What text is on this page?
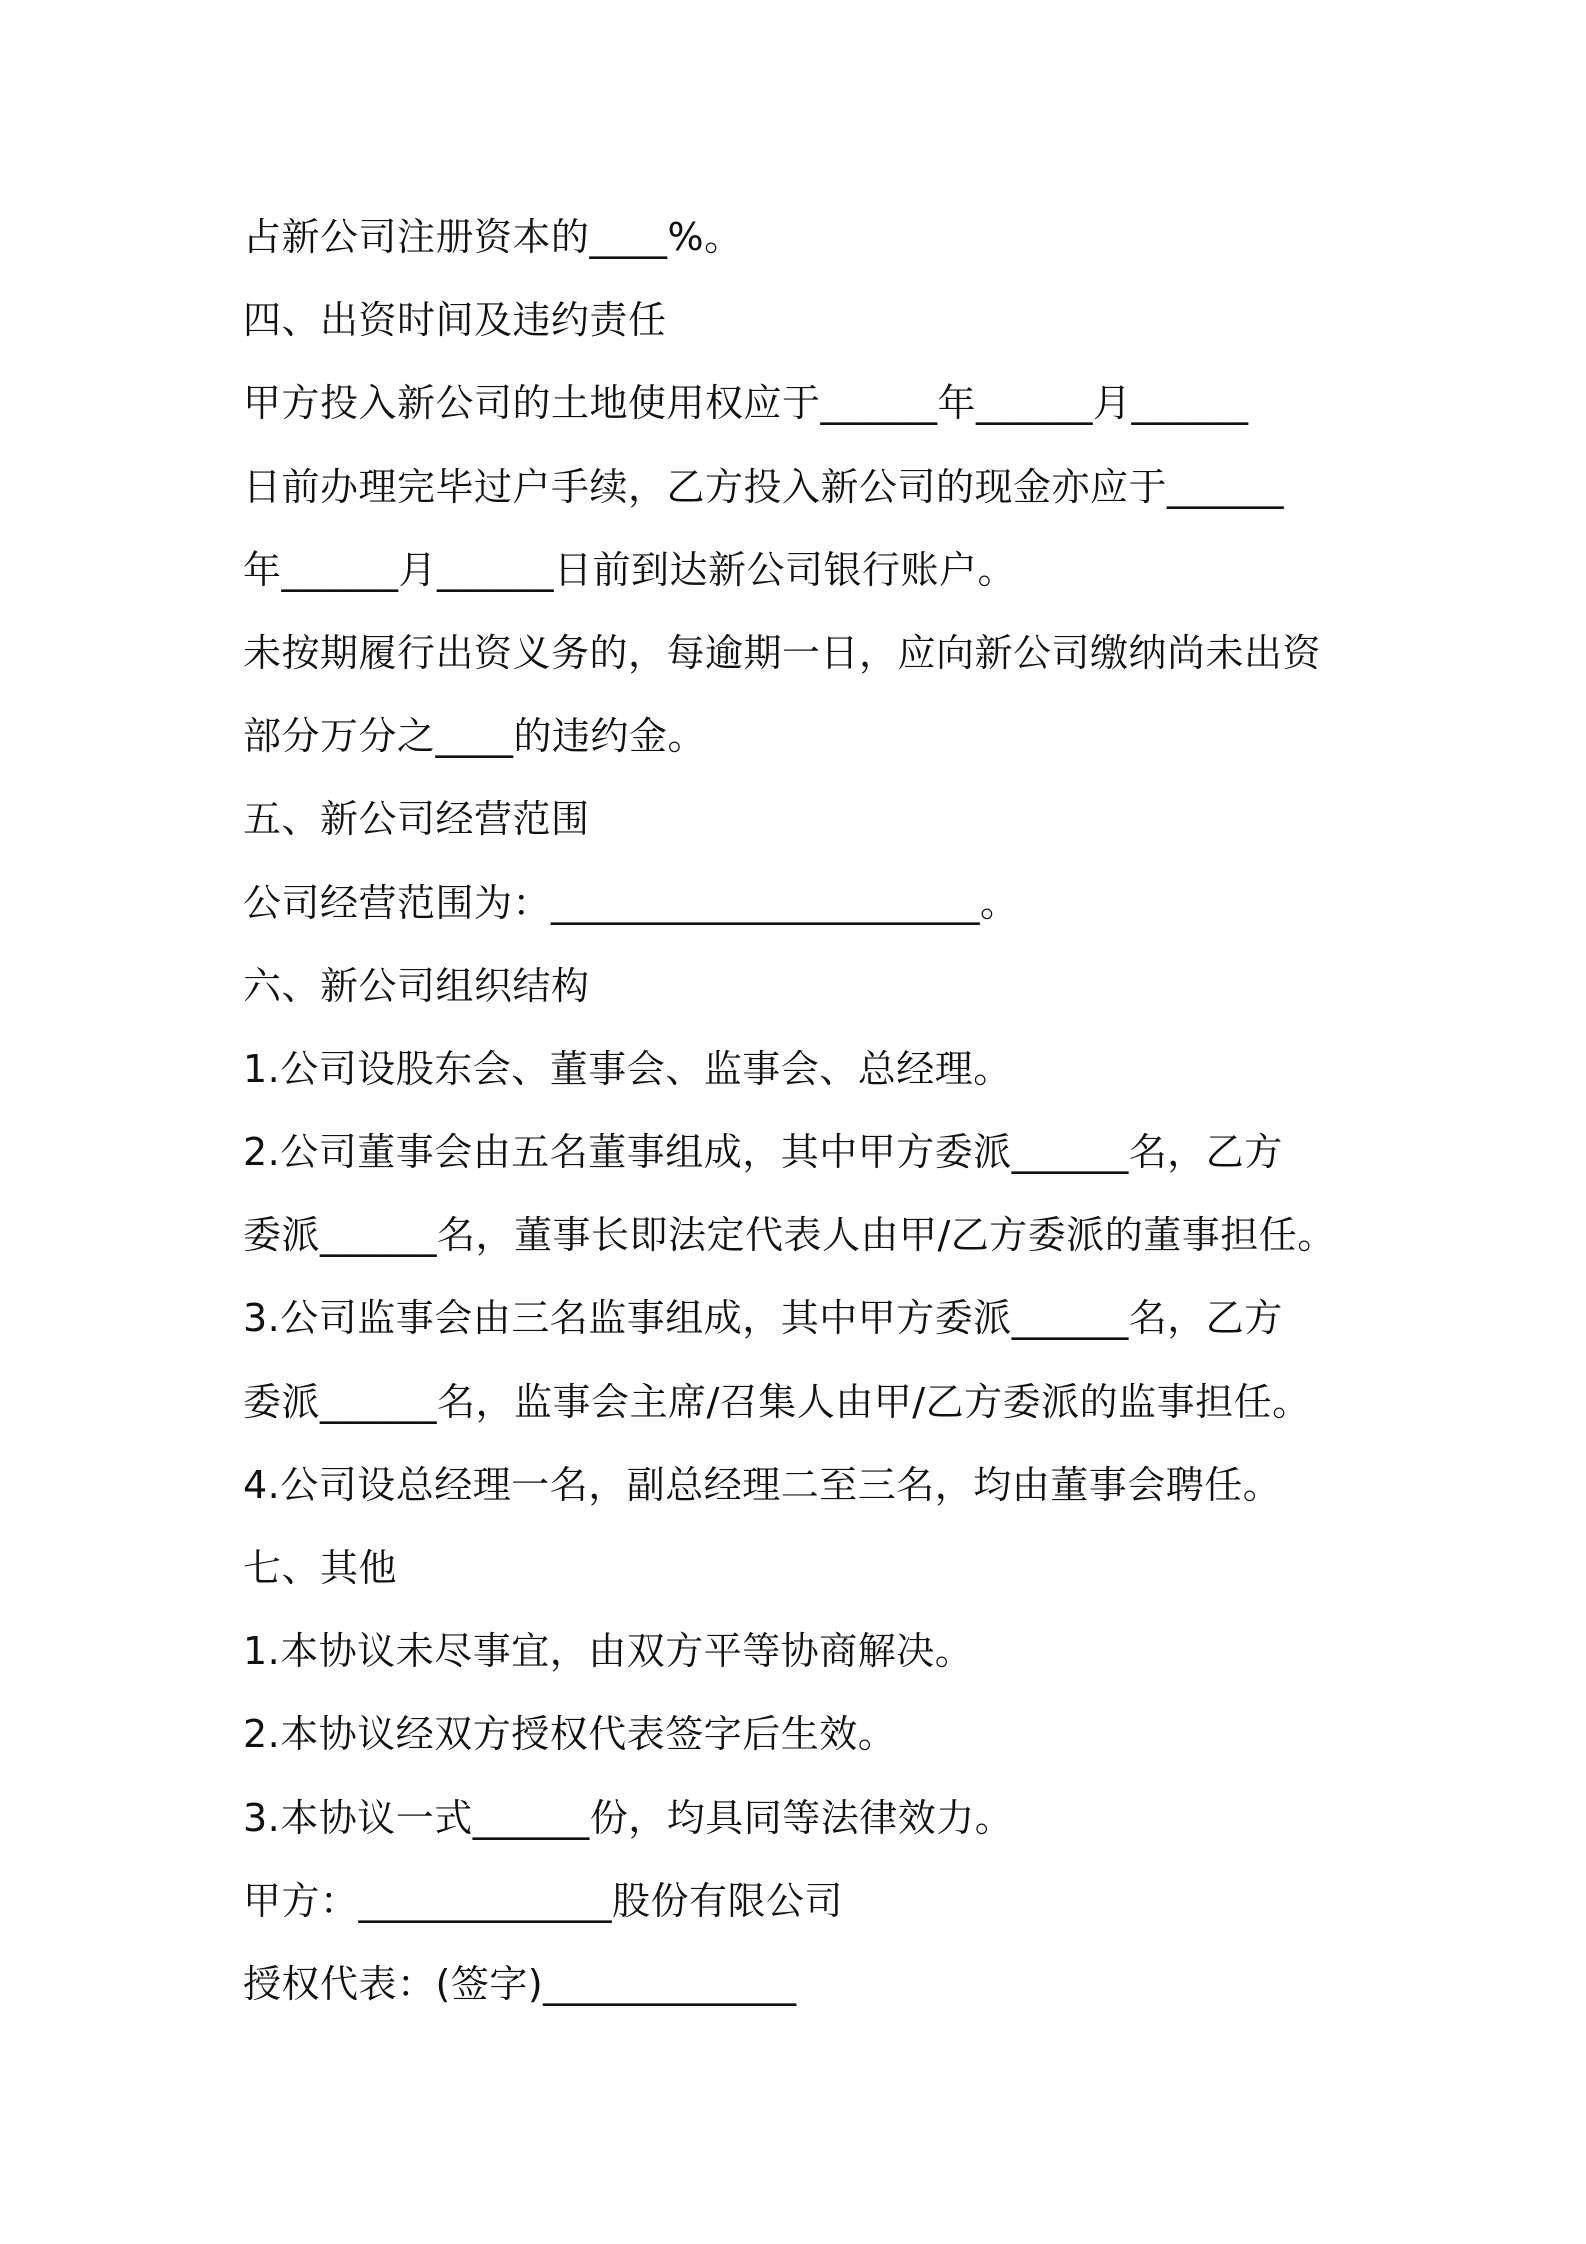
占新公司注册资本的____%。
四、出资时间及违约责任
甲方投入新公司的土地使用权应于______年______月______
日前办理完毕过户手续，乙方投入新公司的现金亦应于______
年______月______日前到达新公司银行账户。
未按期履行出资义务的，每逾期一日，应向新公司缴纳尚未出资
部分万分之____的违约金。
五、新公司经营范围
公司经营范围为：______________________。
六、新公司组织结构
1.公司设股东会、董事会、监事会、总经理。
2.公司董事会由五名董事组成，其中甲方委派______名，乙方
委派______名，董事长即法定代表人由甲/乙方委派的董事担任。
3.公司监事会由三名监事组成，其中甲方委派______名，乙方
委派______名，监事会主席/召集人由甲/乙方委派的监事担任。
4.公司设总经理一名，副总经理二至三名，均由董事会聘任。
七、其他
1.本协议未尽事宜，由双方平等协商解决。
2.本协议经双方授权代表签字后生效。
3.本协议一式______份，均具同等法律效力。
甲方：_____________股份有限公司
授权代表：(签字)_____________
